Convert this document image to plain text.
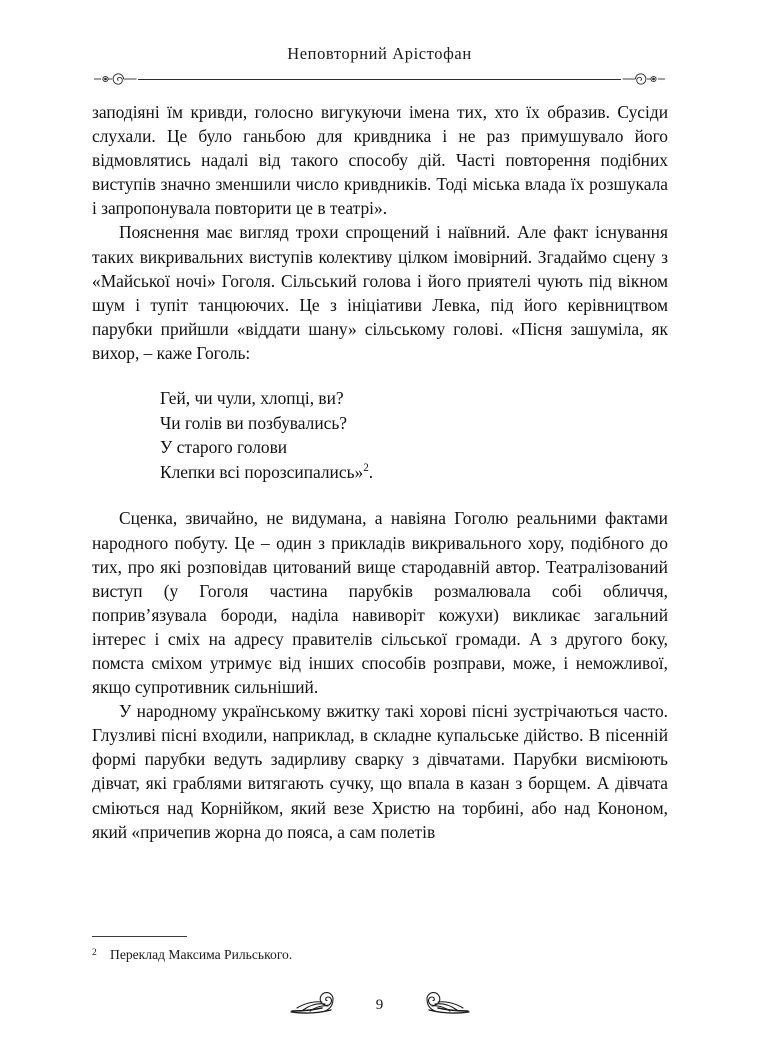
Неповторний Арістофан

заподіяні їм кривди, голосно вигукуючи імена тих, хто їх образив. Сусіди слухали. Це було ганьбою для кривдника і не раз примушувало його відмовлятись надалі від такого способу дій. Часті повторення подібних виступів значно зменшили число кривдників. Тоді міська влада їх розшукала і запропонувала повторити це в театрі».

Пояснення має вигляд трохи спрощений і наївний. Але факт існування таких викривальних виступів колективу цілком імовірний. Згадаймо сцену з «Майської ночі» Гоголя. Сільський голова і його приятелі чують під вікном шум і тупіт танцюючих. Це з ініціативи Левка, під його керівництвом парубки прийшли «віддати шану» сільському голові. «Пісня зашуміла, як вихор, – каже Гоголь:

Гей, чи чули, хлопці, ви?
Чи голів ви позбувались?
У старого голови
Клепки всі порозсипались»$^2$.

Сценка, звичайно, не видумана, а навіяна Гоголю реальними фактами народного побуту. Це – один з прикладів викривального хору, подібного до тих, про які розповідав цитований вище стародавній автор. Театралізований виступ (у Гоголя частина парубків розмалювала собі обличчя, поприв’язувала бороди, наділа навиворіт кожухи) викликає загальний інтерес і сміх на адресу правителів сільської громади. А з другого боку, помста сміхом утримує від інших способів розправи, може, і неможливої, якщо супротивник сильніший.

У народному українському вжитку такі хорові пісні зустрічаються часто. Глузливі пісні входили, наприклад, в складне купальське дійство. В пісенній формі парубки ведуть задирливу сварку з дівчатами. Парубки висміюють дівчат, які граблями витягають сучку, що впала в казан з борщем. А дівчата сміються над Корнійком, який везе Христю на торбині, або над Кононом, який «причепив жорна до пояса, а сам полетів

2 Переклад Максима Рильського.
9
